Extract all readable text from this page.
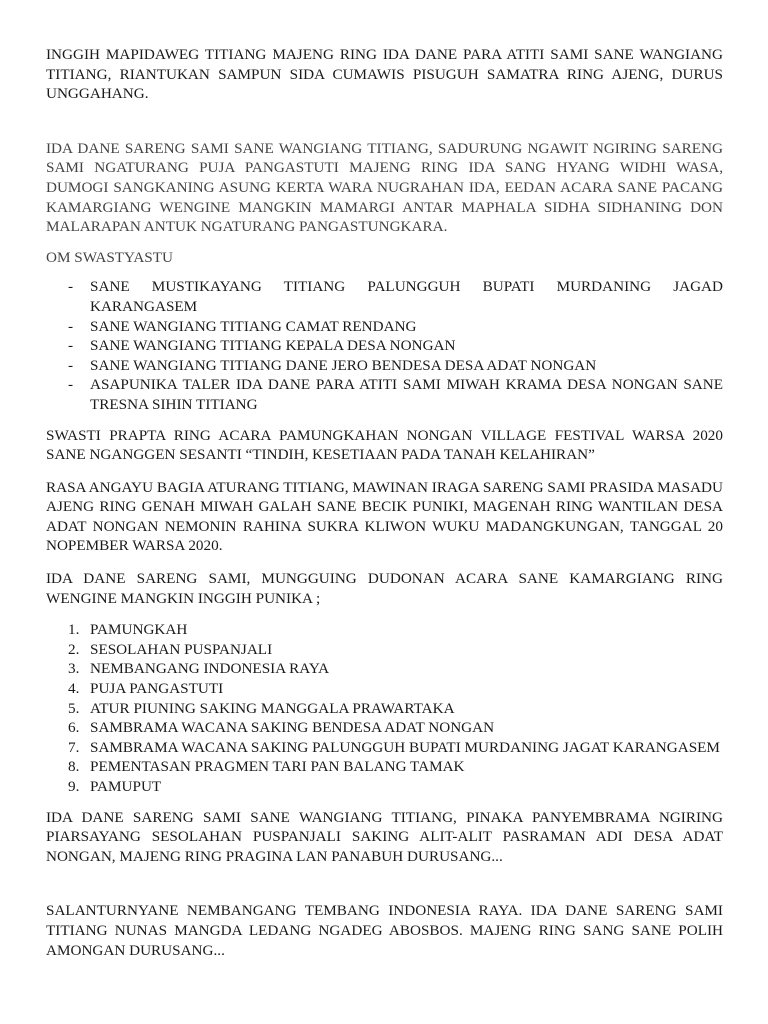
INGGIH MAPIDAWEG TITIANG MAJENG RING IDA DANE PARA ATITI SAMI SANE WANGIANG TITIANG, RIANTUKAN SAMPUN SIDA CUMAWIS PISUGUH SAMATRA RING AJENG, DURUS UNGGAHANG.

IDA DANE SARENG SAMI SANE WANGIANG TITIANG, SADURUNG NGAWIT NGIRING SARENG SAMI NGATURANG PUJA PANGASTUTI MAJENG RING IDA SANG HYANG WIDHI WASA, DUMOGI SANGKANING ASUNG KERTA WARA NUGRAHAN IDA, EEDAN ACARA SANE PACANG KAMARGIANG WENGINE MANGKIN MAMARGI ANTAR MAPHALA SIDHA SIDHANING DON MALARAPAN ANTUK NGATURANG PANGASTUNGKARA.

OM SWASTYASTU

- SANE MUSTIKAYANG TITIANG PALUNGGUH BUPATI MURDANING JAGAD KARANGASEM
- SANE WANGIANG TITIANG CAMAT RENDANG
- SANE WANGIANG TITIANG KEPALA DESA NONGAN
- SANE WANGIANG TITIANG DANE JERO BENDESA DESA ADAT NONGAN
- ASAPUNIKA TALER IDA DANE PARA ATITI SAMI MIWAH KRAMA DESA NONGAN SANE TRESNA SIHIN TITIANG

SWASTI PRAPTA RING ACARA PAMUNGKAHAN NONGAN VILLAGE FESTIVAL WARSA 2020 SANE NGANGGEN SESANTI “TINDIH, KESETIAAN PADA TANAH KELAHIRAN”

RASA ANGAYU BAGIA ATURANG TITIANG, MAWINAN IRAGA SARENG SAMI PRASIDA MASADU AJENG RING GENAH MIWAH GALAH SANE BECIK PUNIKI, MAGENAH RING WANTILAN DESA ADAT NONGAN NEMONIN RAHINA SUKRA KLIWON WUKU MADANGKUNGAN, TANGGAL 20 NOPEMBER WARSA 2020.

IDA DANE SARENG SAMI, MUNGGUING DUDONAN ACARA SANE KAMARGIANG RING WENGINE MANGKIN INGGIH PUNIKA ;

1. PAMUNGKAH
2. SESOLAHAN PUSPANJALI
3. NEMBANGANG INDONESIA RAYA
4. PUJA PANGASTUTI
5. ATUR PIUNING SAKING MANGGALA PRAWARTAKA
6. SAMBRAMA WACANA SAKING BENDESA ADAT NONGAN
7. SAMBRAMA WACANA SAKING PALUNGGUH BUPATI MURDANING JAGAT KARANGASEM
8. PEMENTASAN PRAGMEN TARI PAN BALANG TAMAK
9. PAMUPUT

IDA DANE SARENG SAMI SANE WANGIANG TITIANG, PINAKA PANYEMBRAMA NGIRING PIARSAYANG SESOLAHAN PUSPANJALI SAKING ALIT-ALIT PASRAMAN ADI DESA ADAT NONGAN, MAJENG RING PRAGINA LAN PANABUH DURUSANG...

SALANTURNYANE NEMBANGANG TEMBANG INDONESIA RAYA. IDA DANE SARENG SAMI TITIANG NUNAS MANGDA LEDANG NGADEG ABOSBOS. MAJENG RING SANG SANE POLIH AMONGAN DURUSANG...
